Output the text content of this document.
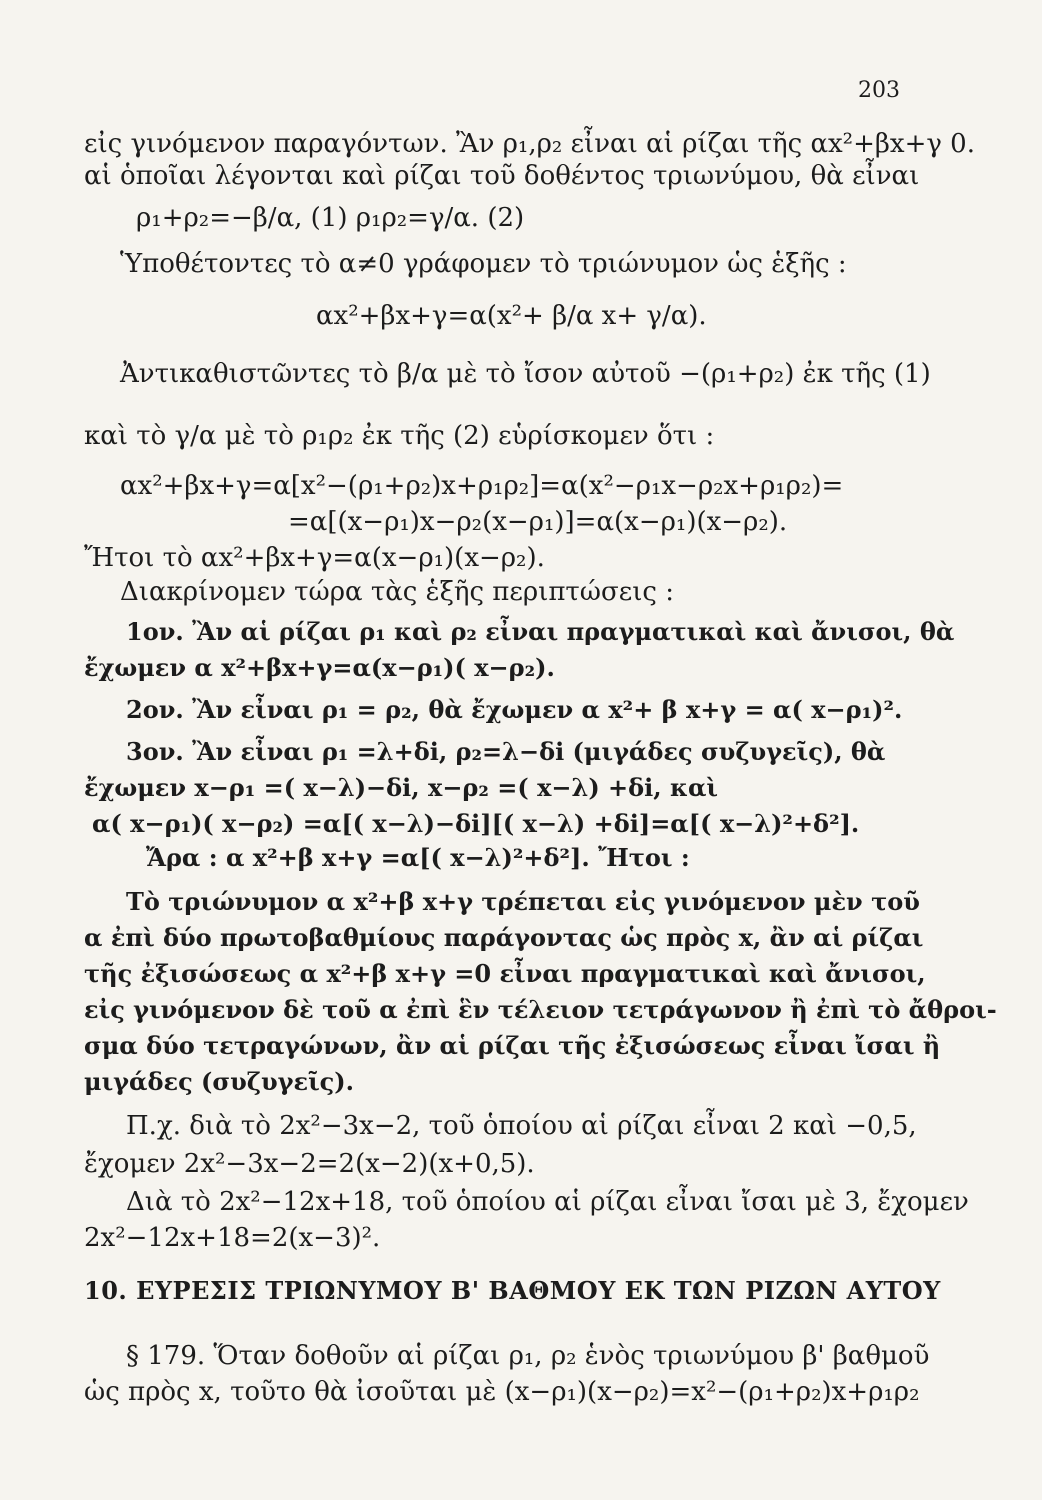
203
εἰς γινόμενον παραγόντων. Ἂν ρ₁,ρ₂ εἶναι αἱ ρίζαι τῆς αx²+βx+γ 0.
αἱ ὁποῖαι λέγονται καὶ ρίζαι τοῦ δοθέντος τριωνύμου, θὰ εἶναι
ρ₁+ρ₂=−β/α, (1) ρ₁ρ₂=γ/α. (2)
Ὑποθέτοντες τὸ α≠0 γράφομεν τὸ τριώνυμον ὡς ἑξῆς :
αx²+βx+γ=α(x²+ β/α x+ γ/α).
Ἀντικαθιστῶντες τὸ β/α μὲ τὸ ἴσον αὐτοῦ −(ρ₁+ρ₂) ἐκ τῆς (1)
καὶ τὸ γ/α μὲ τὸ ρ₁ρ₂ ἐκ τῆς (2) εὑρίσκομεν ὅτι :
αx²+βx+γ=α[x²−(ρ₁+ρ₂)x+ρ₁ρ₂]=α(x²−ρ₁x−ρ₂x+ρ₁ρ₂)=
=α[(x−ρ₁)x−ρ₂(x−ρ₁)]=α(x−ρ₁)(x−ρ₂).
Ἤτοι τὸ αx²+βx+γ=α(x−ρ₁)(x−ρ₂).
Διακρίνομεν τώρα τὰς ἑξῆς περιπτώσεις :
1ον. Ἂν αἱ ρίζαι ρ₁ καὶ ρ₂ εἶναι πραγματικαὶ καὶ ἄνισοι, θὰ
ἔχωμεν α x²+βx+γ=α(x−ρ₁)( x−ρ₂).
2ον. Ἂν εἶναι ρ₁ = ρ₂, θὰ ἔχωμεν α x²+ β x+γ = α( x−ρ₁)².
3ον. Ἂν εἶναι ρ₁ =λ+δi, ρ₂=λ−δi (μιγάδες συζυγεῖς), θὰ
ἔχωμεν x−ρ₁ =( x−λ)−δi, x−ρ₂ =( x−λ) +δi, καὶ
α( x−ρ₁)( x−ρ₂) =α[( x−λ)−δi][( x−λ) +δi]=α[( x−λ)²+δ²].
Ἄρα : α x²+β x+γ =α[( x−λ)²+δ²]. Ἤτοι :
Τὸ τριώνυμον α x²+β x+γ τρέπεται εἰς γινόμενον μὲν τοῦ
α ἐπὶ δύο πρωτοβαθμίους παράγοντας ὡς πρὸς x, ἂν αἱ ρίζαι
τῆς ἐξισώσεως α x²+β x+γ =0 εἶναι πραγματικαὶ καὶ ἄνισοι,
εἰς γινόμενον δὲ τοῦ α ἐπὶ ἓν τέλειον τετράγωνον ἢ ἐπὶ τὸ ἄθροι-
σμα δύο τετραγώνων, ἂν αἱ ρίζαι τῆς ἐξισώσεως εἶναι ἴσαι ἢ
μιγάδες (συζυγεῖς).
Π.χ. διὰ τὸ 2x²−3x−2, τοῦ ὁποίου αἱ ρίζαι εἶναι 2 καὶ −0,5,
ἔχομεν 2x²−3x−2=2(x−2)(x+0,5).
Διὰ τὸ 2x²−12x+18, τοῦ ὁποίου αἱ ρίζαι εἶναι ἴσαι μὲ 3, ἔχομεν
2x²−12x+18=2(x−3)².
10. ΕΥΡΕΣΙΣ ΤΡΙΩΝΥΜΟΥ Β' ΒΑΘΜΟΥ ΕΚ ΤΩΝ ΡΙΖΩΝ ΑΥΤΟΥ
§ 179. Ὅταν δοθοῦν αἱ ρίζαι ρ₁, ρ₂ ἑνὸς τριωνύμου β' βαθμοῦ
ὡς πρὸς x, τοῦτο θὰ ἰσοῦται μὲ (x−ρ₁)(x−ρ₂)=x²−(ρ₁+ρ₂)x+ρ₁ρ₂
